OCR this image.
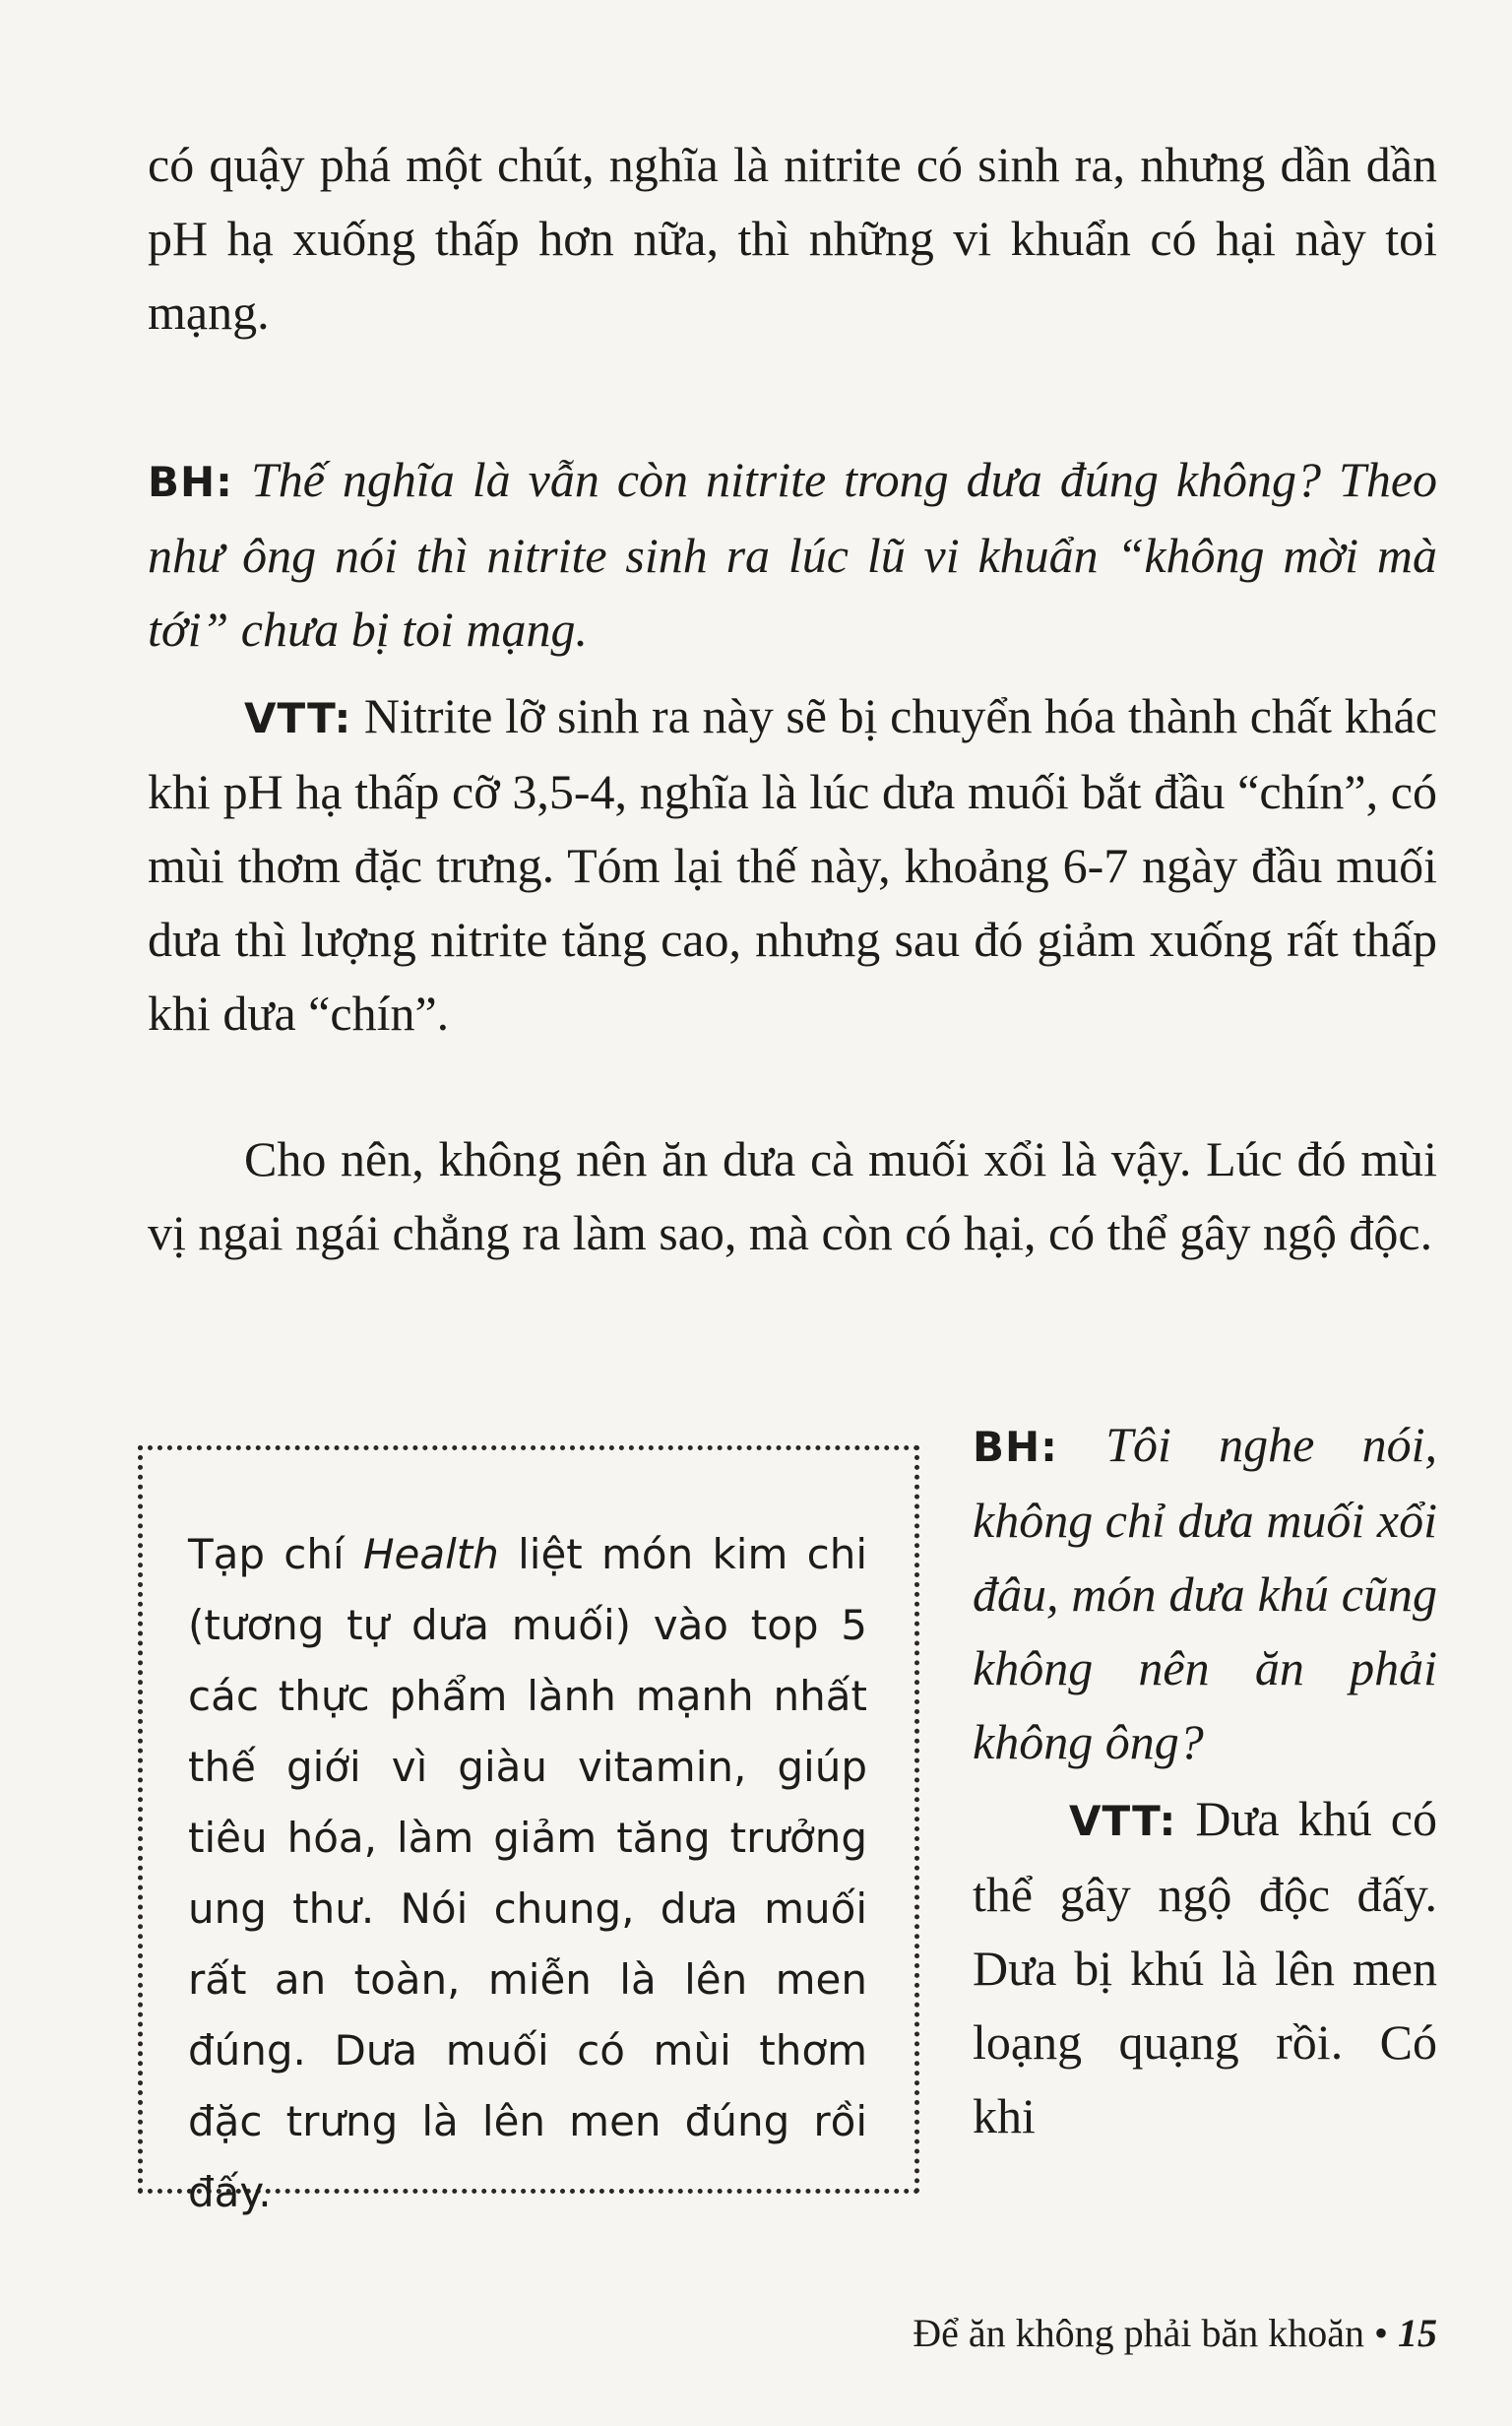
có quậy phá một chút, nghĩa là nitrite có sinh ra, nhưng dần dần pH hạ xuống thấp hơn nữa, thì những vi khuẩn có hại này toi mạng.

BH: Thế nghĩa là vẫn còn nitrite trong dưa đúng không? Theo như ông nói thì nitrite sinh ra lúc lũ vi khuẩn “không mời mà tới” chưa bị toi mạng.

VTT: Nitrite lỡ sinh ra này sẽ bị chuyển hóa thành chất khác khi pH hạ thấp cỡ 3,5-4, nghĩa là lúc dưa muối bắt đầu “chín”, có mùi thơm đặc trưng. Tóm lại thế này, khoảng 6-7 ngày đầu muối dưa thì lượng nitrite tăng cao, nhưng sau đó giảm xuống rất thấp khi dưa “chín”.

Cho nên, không nên ăn dưa cà muối xổi là vậy. Lúc đó mùi vị ngai ngái chẳng ra làm sao, mà còn có hại, có thể gây ngộ độc.

Tạp chí Health liệt món kim chi (tương tự dưa muối) vào top 5 các thực phẩm lành mạnh nhất thế giới vì giàu vitamin, giúp tiêu hóa, làm giảm tăng trưởng ung thư. Nói chung, dưa muối rất an toàn, miễn là lên men đúng. Dưa muối có mùi thơm đặc trưng là lên men đúng rồi đấy.

BH: Tôi nghe nói, không chỉ dưa muối xổi đâu, món dưa khú cũng không nên ăn phải không ông?

VTT: Dưa khú có thể gây ngộ độc đấy. Dưa bị khú là lên men loạng quạng rồi. Có khi

Để ăn không phải băn khoăn • 15
